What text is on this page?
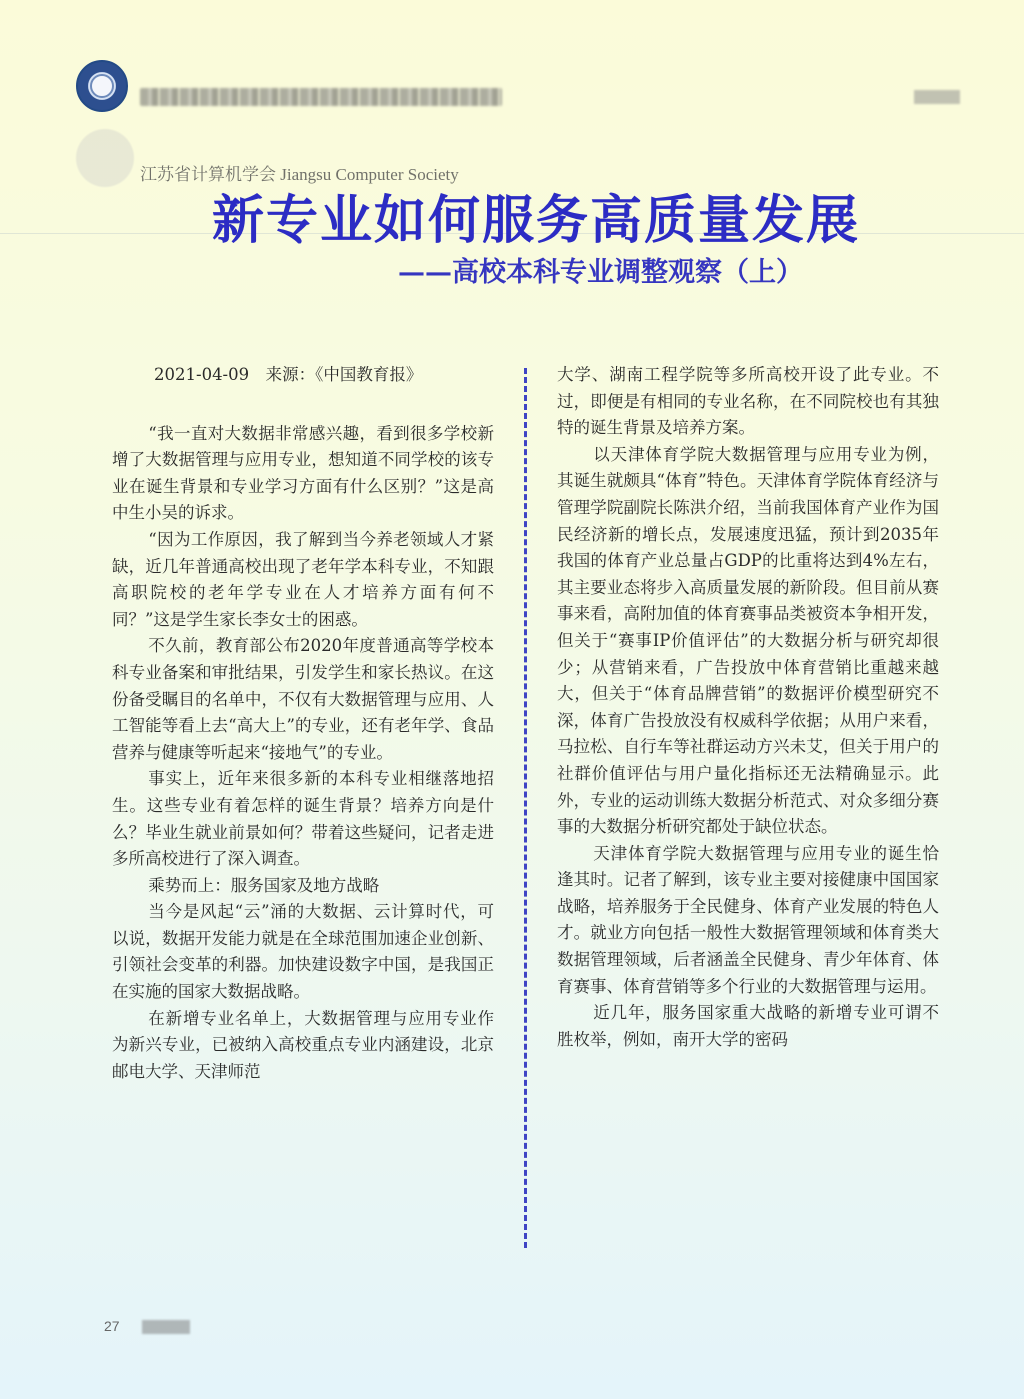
江苏省计算机学会 Jiangsu Computer Society
新专业如何服务高质量发展
——高校本科专业调整观察（上）

2021-04-09　来源：《中国教育报》

“我一直对大数据非常感兴趣，看到很多学校新增了大数据管理与应用专业，想知道不同学校的该专业在诞生背景和专业学习方面有什么区别？”这是高中生小吴的诉求。

“因为工作原因，我了解到当今养老领域人才紧缺，近几年普通高校出现了老年学本科专业，不知跟高职院校的老年学专业在人才培养方面有何不同？”这是学生家长李女士的困惑。

不久前，教育部公布2020年度普通高等学校本科专业备案和审批结果，引发学生和家长热议。在这份备受瞩目的名单中，不仅有大数据管理与应用、人工智能等看上去“高大上”的专业，还有老年学、食品营养与健康等听起来“接地气”的专业。

事实上，近年来很多新的本科专业相继落地招生。这些专业有着怎样的诞生背景？培养方向是什么？毕业生就业前景如何？带着这些疑问，记者走进多所高校进行了深入调查。

乘势而上：服务国家及地方战略

当今是风起“云”涌的大数据、云计算时代，可以说，数据开发能力就是在全球范围加速企业创新、引领社会变革的利器。加快建设数字中国，是我国正在实施的国家大数据战略。

在新增专业名单上，大数据管理与应用专业作为新兴专业，已被纳入高校重点专业内涵建设，北京邮电大学、天津师范

大学、湖南工程学院等多所高校开设了此专业。不过，即便是有相同的专业名称，在不同院校也有其独特的诞生背景及培养方案。

以天津体育学院大数据管理与应用专业为例，其诞生就颇具“体育”特色。天津体育学院体育经济与管理学院副院长陈洪介绍，当前我国体育产业作为国民经济新的增长点，发展速度迅猛，预计到2035年我国的体育产业总量占GDP的比重将达到4%左右，其主要业态将步入高质量发展的新阶段。但目前从赛事来看，高附加值的体育赛事品类被资本争相开发，但关于“赛事IP价值评估”的大数据分析与研究却很少；从营销来看，广告投放中体育营销比重越来越大，但关于“体育品牌营销”的数据评价模型研究不深，体育广告投放没有权威科学依据；从用户来看，马拉松、自行车等社群运动方兴未艾，但关于用户的社群价值评估与用户量化指标还无法精确显示。此外，专业的运动训练大数据分析范式、对众多细分赛事的大数据分析研究都处于缺位状态。

天津体育学院大数据管理与应用专业的诞生恰逢其时。记者了解到，该专业主要对接健康中国国家战略，培养服务于全民健身、体育产业发展的特色人才。就业方向包括一般性大数据管理领域和体育类大数据管理领域，后者涵盖全民健身、青少年体育、体育赛事、体育营销等多个行业的大数据管理与运用。

近几年，服务国家重大战略的新增专业可谓不胜枚举，例如，南开大学的密码

27
